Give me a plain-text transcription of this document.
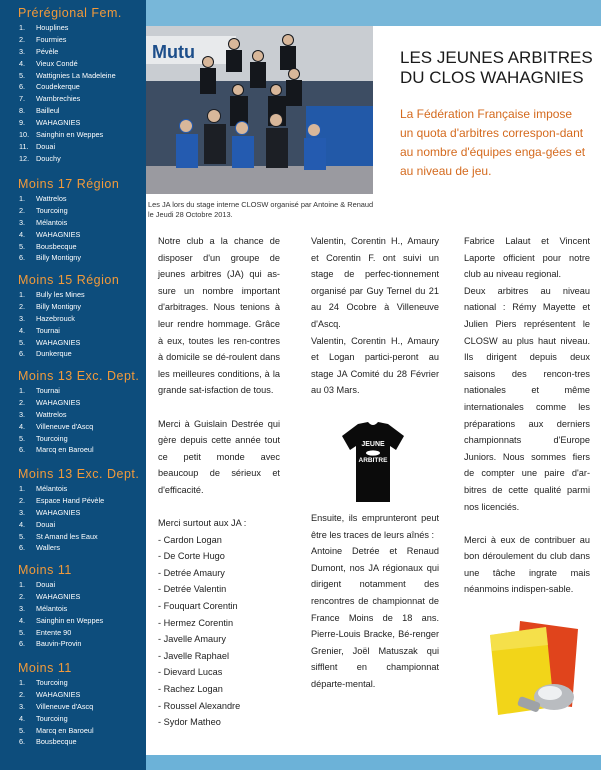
Prérégional Fem.
1. Houplines
2. Fourmies
3. Pévèle
4. Vieux Condé
5. Wattignies La Madeleine
6. Coudekerque
7. Wambrechies
8. Bailleul
9. WAHAGNIES
10. Sainghin en Weppes
11. Douai
12. Douchy
Moins 17 Région
1. Wattrelos
2. Tourcoing
3. Mélantois
4. WAHAGNIES
5. Bousbecque
6. Billy Montigny
Moins 15 Région
1. Bully les Mines
2. Billy Montigny
3. Hazebrouck
4. Tournai
5. WAHAGNIES
6. Dunkerque
Moins 13 Exc. Dept.
1. Tournai
2. WAHAGNIES
3. Wattrelos
4. Villeneuve d'Ascq
5. Tourcoing
6. Marcq en Baroeul
Moins 13 Exc. Dept.
1. Mélantois
2. Espace Hand Pévèle
3. WAHAGNIES
4. Douai
5. St Amand les Eaux
6. Wallers
Moins 11
1. Douai
2. WAHAGNIES
3. Mélantois
4. Sainghin en Weppes
5. Entente 90
6. Bauvin-Provin
Moins 11
1. Tourcoing
2. WAHAGNIES
3. Villeneuve d'Ascq
4. Tourcoing
5. Marcq en Baroeul
6. Bousbecque
Mutu
Les JA lors du stage interne CLOSW organisé par Antoine & Renaud le Jeudi 28 Octobre 2013.
LES JEUNES ARBITRES DU CLOS WAHAGNIES
La Fédération Française impose un quota d'arbitres correspon-dant au nombre d'équipes enga-gées et au niveau de jeu.

Notre club a la chance de disposer d'un groupe de jeunes arbitres (JA) qui as-sure un nombre important d'arbitrages. Nous tenions à leur rendre hommage. Grâce à eux, toutes les ren-contres à domicile se dé-roulent dans les meilleures conditions, à la grande sat-isfaction de tous.

Merci à Guislain Destrée qui gère depuis cette année tout ce petit monde avec beaucoup de sérieux et d'efficacité.

Merci surtout aux JA :

- Cardon Logan
- De Corte Hugo
- Detrée Amaury
- Detrée Valentin
- Fouquart Corentin
- Hermez Corentin
- Javelle Amaury
- Javelle Raphael
- Dievard Lucas
- Rachez Logan
- Roussel Alexandre
- Sydor Matheo

Valentin, Corentin H., Amaury et Corentin F. ont suivi un stage de perfec-tionnement organisé par Guy Ternel du 21 au 24 Ocobre à Villeneuve d'Ascq.

Valentin, Corentin H., Amaury et Logan partici-peront au stage JA Comité du 28 Février au 03 Mars.

JEUNE
ARBITRE

Ensuite, ils emprunteront peut être les traces de leurs aînés :

Antoine Detrée et Renaud Dumont, nos JA régionaux qui dirigent notamment des rencontres de championnat de France Moins de 18 ans. Pierre-Louis Bracke, Bé-renger Grenier, Joël Matuszak qui sifflent en championnat départe-mental.

Fabrice Lalaut et Vincent Laporte officient pour notre club au niveau regional.

Deux arbitres au niveau national : Rémy Mayette et Julien Piers représentent le CLOSW au plus haut niveau. Ils dirigent depuis deux saisons des rencon-tres nationales et même internationales comme les préparations aux derniers championnats d'Europe Juniors. Nous sommes fiers de compter une paire d'ar-bitres de cette qualité parmi nos licenciés.

Merci à eux de contribuer au bon déroulement du club dans une tâche ingrate mais néanmoins indispen-sable.
